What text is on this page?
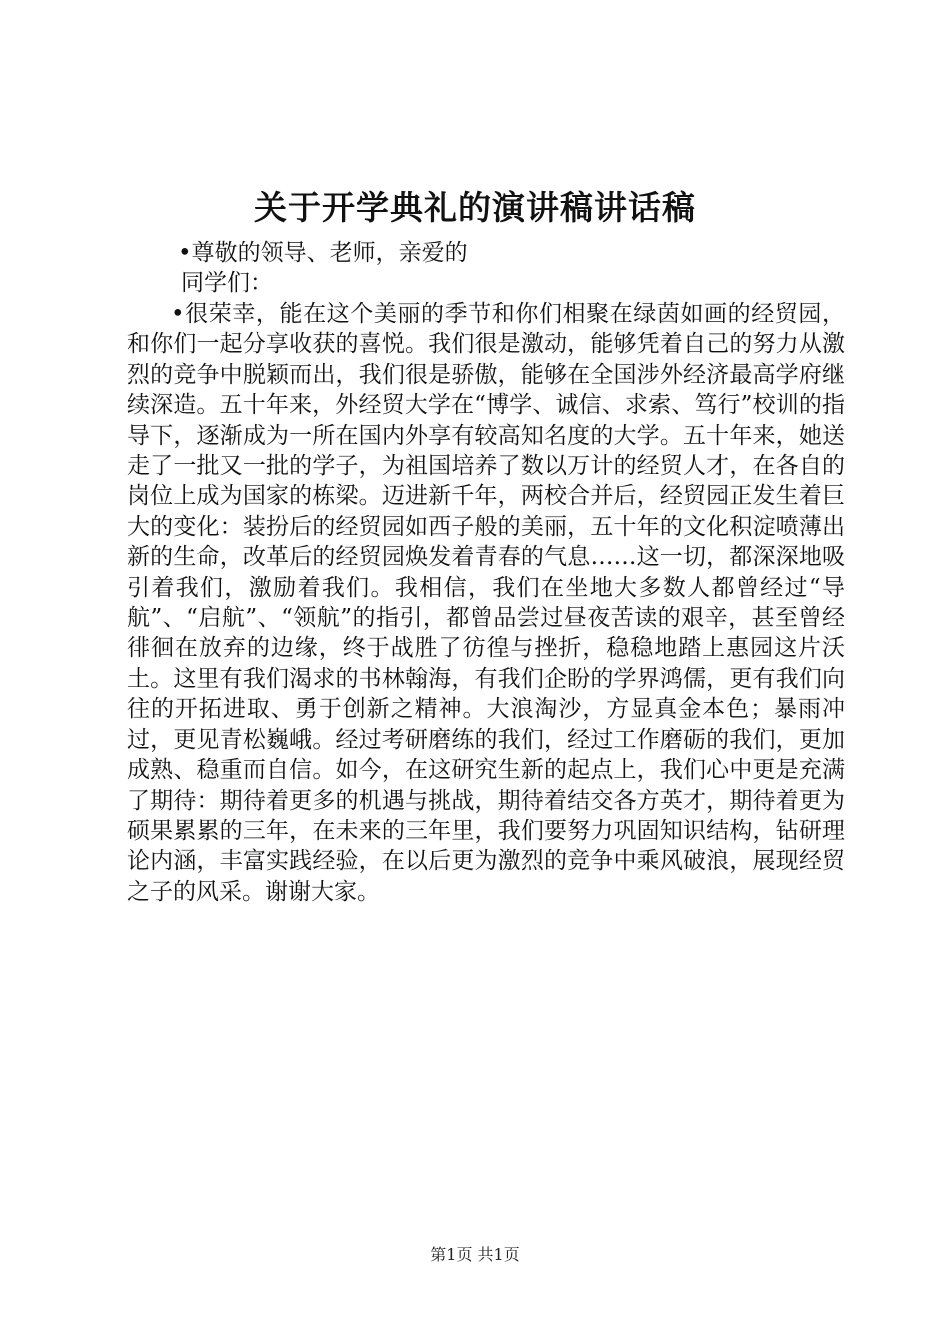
关于开学典礼的演讲稿讲话稿
•尊敬的领导、老师，亲爱的
同学们：

•很荣幸，能在这个美丽的季节和你们相聚在绿茵如画的经贸园，和你们一起分享收获的喜悦。我们很是激动，能够凭着自己的努力从激烈的竞争中脱颖而出，我们很是骄傲，能够在全国涉外经济最高学府继续深造。五十年来，外经贸大学在“博学、诚信、求索、笃行”校训的指导下，逐渐成为一所在国内外享有较高知名度的大学。五十年来，她送走了一批又一批的学子，为祖国培养了数以万计的经贸人才，在各自的岗位上成为国家的栋梁。迈进新千年，两校合并后，经贸园正发生着巨大的变化：装扮后的经贸园如西子般的美丽，五十年的文化积淀喷薄出新的生命，改革后的经贸园焕发着青春的气息……这一切，都深深地吸引着我们，激励着我们。我相信，我们在坐地大多数人都曾经过“导航”、“启航”、“领航”的指引，都曾品尝过昼夜苦读的艰辛，甚至曾经徘徊在放弃的边缘，终于战胜了彷徨与挫折，稳稳地踏上惠园这片沃土。这里有我们渴求的书林翰海，有我们企盼的学界鸿儒，更有我们向往的开拓进取、勇于创新之精神。大浪淘沙，方显真金本色；暴雨冲过，更见青松巍峨。经过考研磨练的我们，经过工作磨砺的我们，更加成熟、稳重而自信。如今，在这研究生新的起点上，我们心中更是充满了期待：期待着更多的机遇与挑战，期待着结交各方英才，期待着更为硕果累累的三年，在未来的三年里，我们要努力巩固知识结构，钻研理论内涵，丰富实践经验，在以后更为激烈的竞争中乘风破浪，展现经贸之子的风采。谢谢大家。

第1页 共1页
